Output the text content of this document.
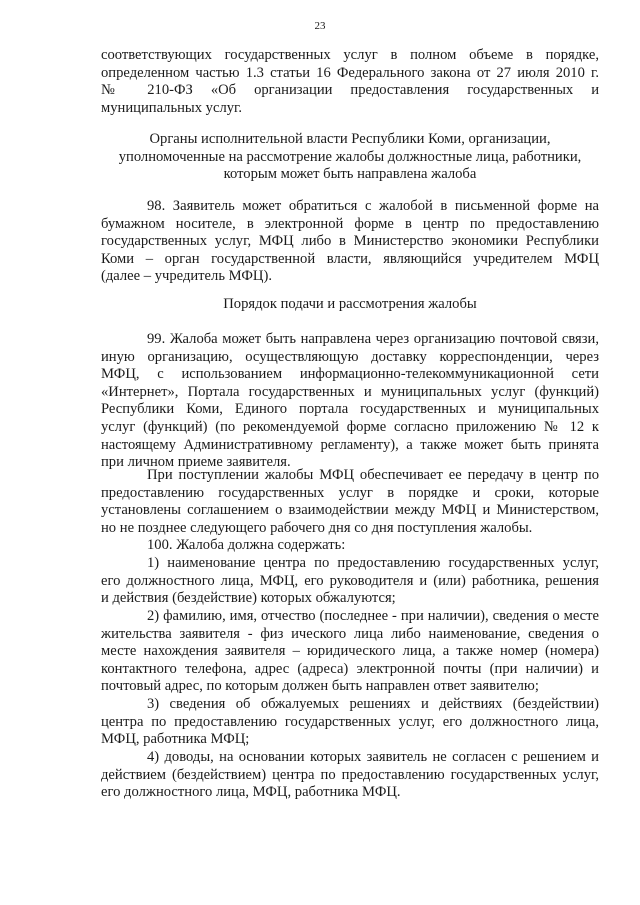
23
соответствующих государственных услуг в полном объеме в порядке,
определенном частью 1.3 статьи 16 Федерального закона от 27 июля 2010 г.
№ 210-ФЗ «Об организации предоставления государственных и
муниципальных услуг.
Органы исполнительной власти Республики Коми, организации,
уполномоченные на рассмотрение жалобы должностные лица, работники,
которым может быть направлена жалоба
98. Заявитель может обратиться с жалобой в письменной форме на
бумажном носителе, в электронной форме в центр по предоставлению
государственных услуг, МФЦ либо в Министерство экономики Республики
Коми – орган государственной власти, являющийся учредителем МФЦ
(далее – учредитель МФЦ).
Порядок подачи и рассмотрения жалобы
99. Жалоба может быть направлена через организацию почтовой связи,
иную организацию, осуществляющую доставку корреспонденции, через
МФЦ, с использованием информационно-телекоммуникационной сети
«Интернет», Портала государственных и муниципальных услуг (функций)
Республики Коми, Единого портала государственных и муниципальных
услуг (функций) (по рекомендуемой форме согласно приложению № 12 к
настоящему Административному регламенту), а также может быть принята
при личном приеме заявителя.
При поступлении жалобы МФЦ обеспечивает ее передачу в центр по
предоставлению государственных услуг в порядке и сроки, которые
установлены соглашением о взаимодействии между МФЦ и Министерством,
но не позднее следующего рабочего дня со дня поступления жалобы.
100. Жалоба должна содержать:
1) наименование центра по предоставлению государственных услуг,
его должностного лица, МФЦ, его руководителя и (или) работника, решения
и действия (бездействие) которых обжалуются;
2) фамилию, имя, отчество (последнее - при наличии), сведения о месте
жительства заявителя - физ ического лица либо наименование, сведения о
месте нахождения заявителя – юридического лица, а также номер (номера)
контактного телефона, адрес (адреса) электронной почты (при наличии) и
почтовый адрес, по которым должен быть направлен ответ заявителю;
3) сведения об обжалуемых решениях и действиях (бездействии)
центра по предоставлению государственных услуг, его должностного лица,
МФЦ, работника МФЦ;
4) доводы, на основании которых заявитель не согласен с решением и
действием (бездействием) центра по предоставлению государственных услуг,
его должностного лица, МФЦ, работника МФЦ.
